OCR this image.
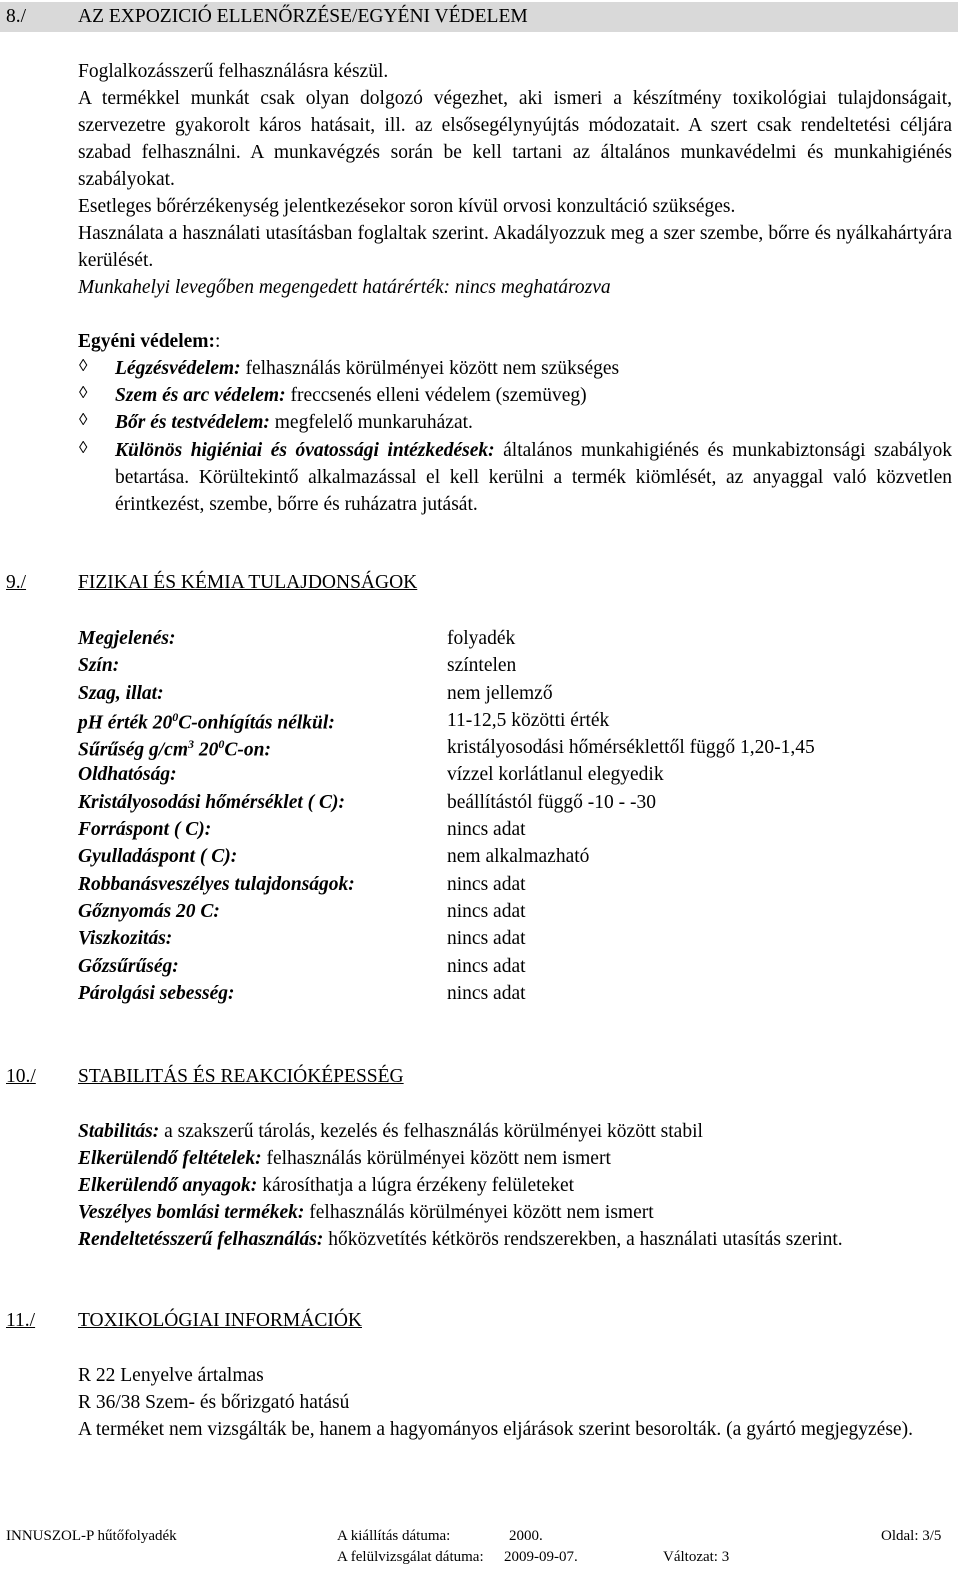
8./	AZ EXPOZICIÓ ELLENŐRZÉSE/EGYÉNI VÉDELEM

Foglalkozásszerű felhasználásra készül.

A termékkel munkát csak olyan dolgozó végezhet, aki ismeri a készítmény toxikológiai tulajdonságait, szervezetre gyakorolt káros hatásait, ill. az elsősegélynyújtás módozatait. A szert csak rendeltetési céljára szabad felhasználni. A munkavégzés során be kell tartani az általános munkavédelmi és munkahigiénés szabályokat.

Esetleges bőrérzékenység jelentkezésekor soron kívül orvosi konzultáció szükséges.

Használata a használati utasításban foglaltak szerint. Akadályozzuk meg a szer szembe, bőrre és nyálkahártyára kerülését.

Munkahelyi levegőben megengedett határérték: nincs meghatározva

Egyéni védelem::

◊ Légzésvédelem: felhasználás körülményei között nem szükséges

◊ Szem és arc védelem: freccsenés elleni védelem (szemüveg)

◊ Bőr és testvédelem: megfelelő munkaruházat.

◊ Különös higiéniai és óvatossági intézkedések: általános munkahigiénés és munkabiztonsági szabályok betartása. Körültekintő alkalmazással el kell kerülni a termék kiömlését, az anyaggal való közvetlen érintkezést, szembe, bőrre és ruházatra jutását.

9./	FIZIKAI ÉS KÉMIA TULAJDONSÁGOK
Megjelenés:	folyadék
Szín:	színtelen
Szag, illat:	nem jellemző
pH érték $20^0C$-onhígítás nélkül:	11-12,5 közötti érték
Sűrűség $g/cm^3$ $20^0C-on$:	kristályosodási hőmérséklettől függő 1,20-1,45
Oldhatóság:	vízzel korlátlanul elegyedik
Kristályosodási hőmérséklet ( C):	beállítástól függő -10 - -30
Forráspont ( C):	nincs adat
Gyulladáspont ( C):	nem alkalmazható
Robbanásveszélyes tulajdonságok:	nincs adat
Gőznyomás 20 C:	nincs adat
Viszkozitás:	nincs adat
Gőzsűrűség:	nincs adat
Párolgási sebesség:	nincs adat
10./ STABILITÁS ÉS REAKCIÓKÉPESSÉG

Stabilitás: a szakszerű tárolás, kezelés és felhasználás körülményei között stabil

Elkerülendő feltételek: felhasználás körülményei között nem ismert

Elkerülendő anyagok: károsíthatja a lúgra érzékeny felületeket

Veszélyes bomlási termékek: felhasználás körülményei között nem ismert

Rendeltetésszerű felhasználás: hőközvetítés kétkörös rendszerekben, a használati utasítás szerint.

11./ TOXIKOLÓGIAI INFORMÁCIÓK

R 22 Lenyelve ártalmas

R 36/38 Szem- és bőrizgató hatású

A terméket nem vizsgálták be, hanem a hagyományos eljárások szerint besorolták. (a gyártó megjegyzése).

INNUSZOL-P hűtőfolyadék	A kiállítás dátuma:	2000.	Oldal: 3/5
A felülvizsgálat dátuma: 2009-09-07.	Változat: 3
